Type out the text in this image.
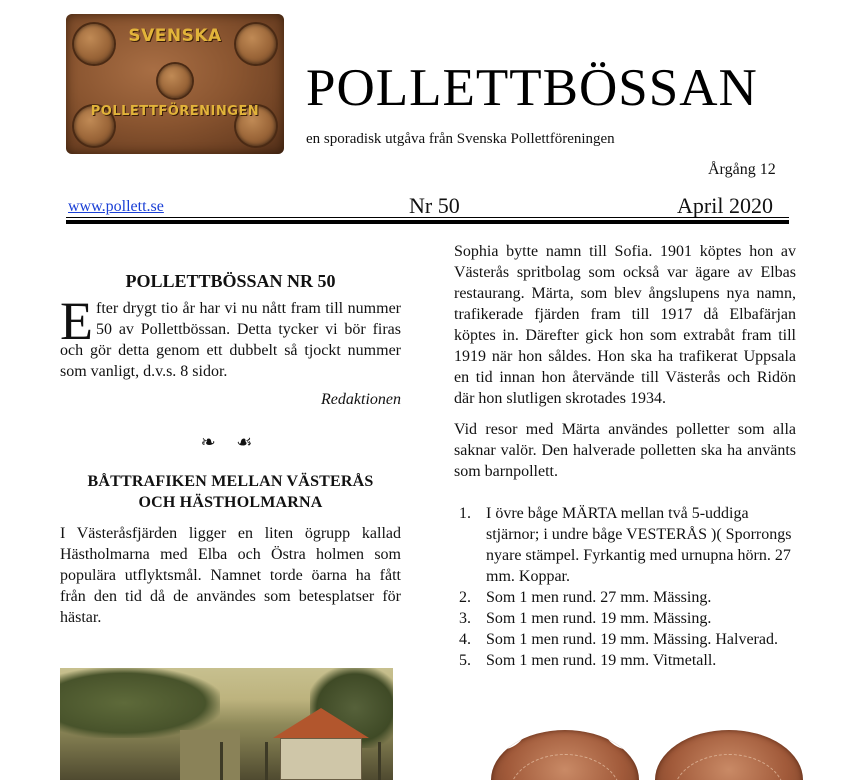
SVENSKA
POLLETTFÖRENINGEN POLLETTBÖSSAN
en sporadisk utgåva från Svenska Pollettföreningen
Årgång 12
www.pollett.se	Nr 50	April 2020
POLLETTBÖSSAN NR 50
Efter drygt tio år har vi nu nått fram till nummer 50 av Pollettbössan. Detta tycker vi bör firas och gör detta genom ett dubbelt så tjockt nummer som vanligt, d.v.s. 8 sidor.
Redaktionen
❧ ☙
BÅTTRAFIKEN MELLAN VÄSTERÅS
OCH HÄSTHOLMARNA
I Västeråsfjärden ligger en liten ögrupp kallad Hästholmarna med Elba och Östra holmen som populära utflyktsmål. Namnet torde öarna ha fått från den tid då de användes som betesplatser för hästar.

Sophia bytte namn till Sofia. 1901 köptes hon av Västerås spritbolag som också var ägare av Elbas restaurang. Märta, som blev ångslupens nya namn, trafikerade fjärden fram till 1917 då Elbafärjan köptes in. Därefter gick hon som extrabåt fram till 1919 när hon såldes. Hon ska ha trafikerat Uppsala en tid innan hon återvände till Västerås och Ridön där hon slutligen skrotades 1934.

Vid resor med Märta användes polletter som alla saknar valör. Den halverade polletten ska ha använts som barnpollett.

1. I övre båge MÄRTA mellan två 5-uddiga stjärnor; i undre båge VESTERÅS )( Sporrongs nyare stämpel. Fyrkantig med urnupna hörn. 27 mm. Koppar.
2. Som 1 men rund. 27 mm. Mässing.
3. Som 1 men rund. 19 mm. Mässing.
4. Som 1 men rund. 19 mm. Mässing. Halverad.
5. Som 1 men rund. 19 mm. Vitmetall.
